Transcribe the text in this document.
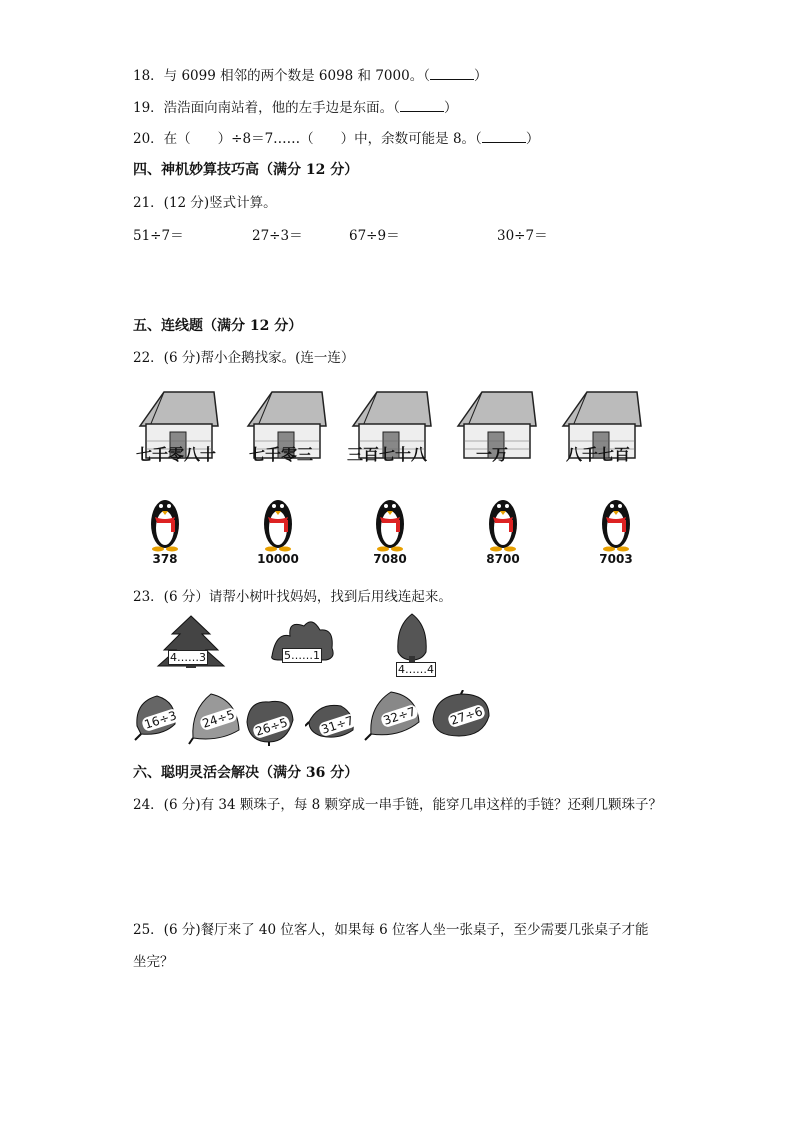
18．与 6099 相邻的两个数是 6098 和 7000。（	）
19．浩浩面向南站着，他的左手边是东面。（	）
20．在（　　）÷8＝7……（　　）中，余数可能是 8。（	）
四、神机妙算技巧高（满分 12 分）
21．(12 分)竖式计算。
51÷7＝	27÷3＝	67÷9＝	30÷7＝
五、连线题（满分 12 分）
22．(6 分)帮小企鹅找家。(连一连）
七千零八十	七千零三	三百七十八	一万	八千七百
378	10000	7080	8700	7003
23．(6 分）请帮小树叶找妈妈，找到后用线连起来。
4……3	5……1
4……4
16÷3 24÷5 26÷5	31÷7 32÷7	27÷6
六、聪明灵活会解决（满分 36 分）
24．(6 分)有 34 颗珠子，每 8 颗穿成一串手链，能穿几串这样的手链？还剩几颗珠子？
25．(6 分)餐厅来了 40 位客人，如果每 6 位客人坐一张桌子，至少需要几张桌子才能
坐完？
